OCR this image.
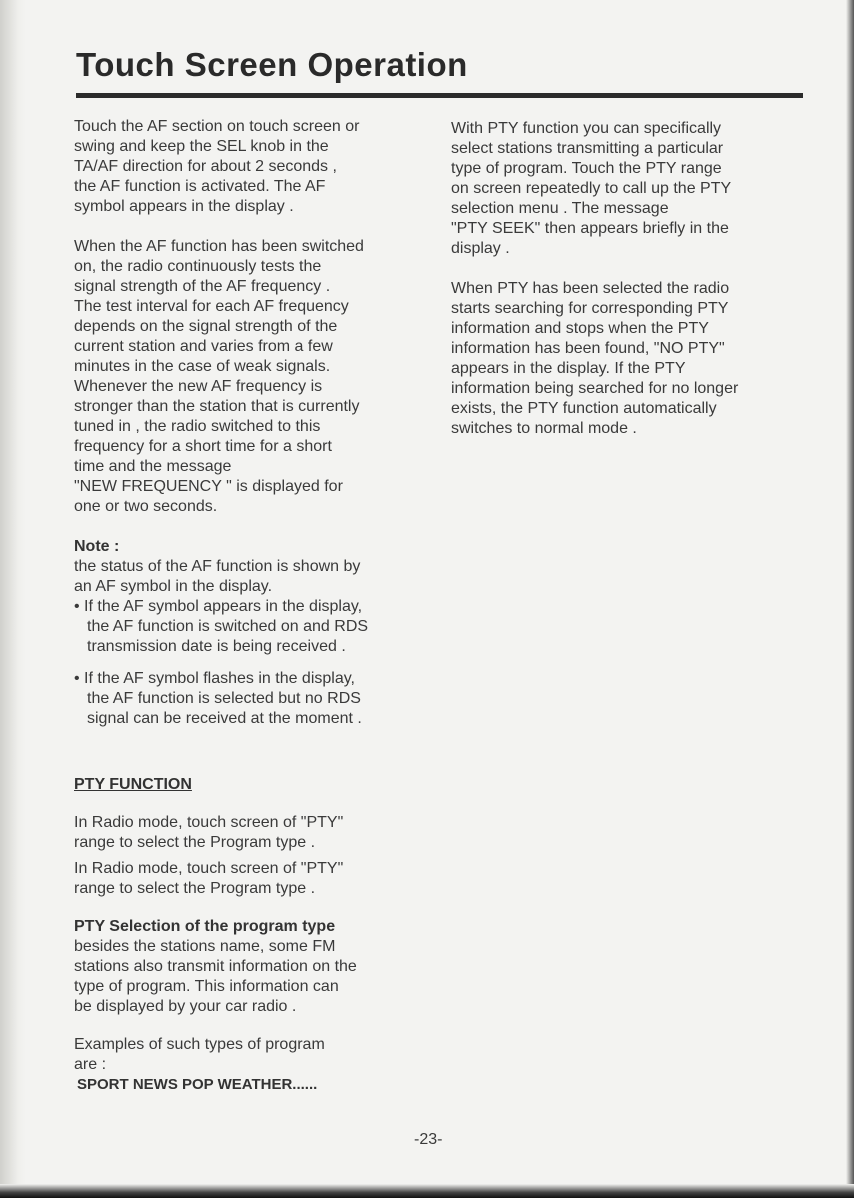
Touch Screen Operation

Touch the AF section on touch screen or
swing and keep the SEL knob in the
TA/AF direction for about 2 seconds ,
the AF function is activated. The AF
symbol appears in the display .

When the AF function has been switched
on, the radio continuously tests the
signal strength of the AF frequency .
The test interval for each AF frequency
depends on the signal strength of the
current station and varies from a few
minutes in the case of weak signals.
Whenever the new AF frequency is
stronger than the station that is currently
tuned in , the radio switched to this
frequency for a short time for a short
time and the message
"NEW FREQUENCY " is displayed for
one or two seconds.

Note :

the status of the AF function is shown by
an AF symbol in the display.

• If the AF symbol appears in the display,
the AF function is switched on and RDS
transmission date is being received .

• If the AF symbol flashes in the display,
the AF function is selected but no RDS
signal can be received at the moment .

PTY FUNCTION

In Radio mode, touch screen of "PTY"
range to select the Program type .

In Radio mode, touch screen of "PTY"
range to select the Program type .

PTY Selection of the program type

besides the stations name, some FM
stations also transmit information on the
type of program. This information can
be displayed by your car radio .

Examples of such types of program
are :

SPORT NEWS POP WEATHER......

With PTY function you can specifically
select stations transmitting a particular
type of program. Touch the PTY range
on screen repeatedly to call up the PTY
selection menu . The message
"PTY SEEK" then appears briefly in the
display .

When PTY has been selected the radio
starts searching for corresponding PTY
information and stops when the PTY
information has been found, "NO PTY"
appears in the display. If the PTY
information being searched for no longer
exists, the PTY function automatically
switches to normal mode .

-23-
